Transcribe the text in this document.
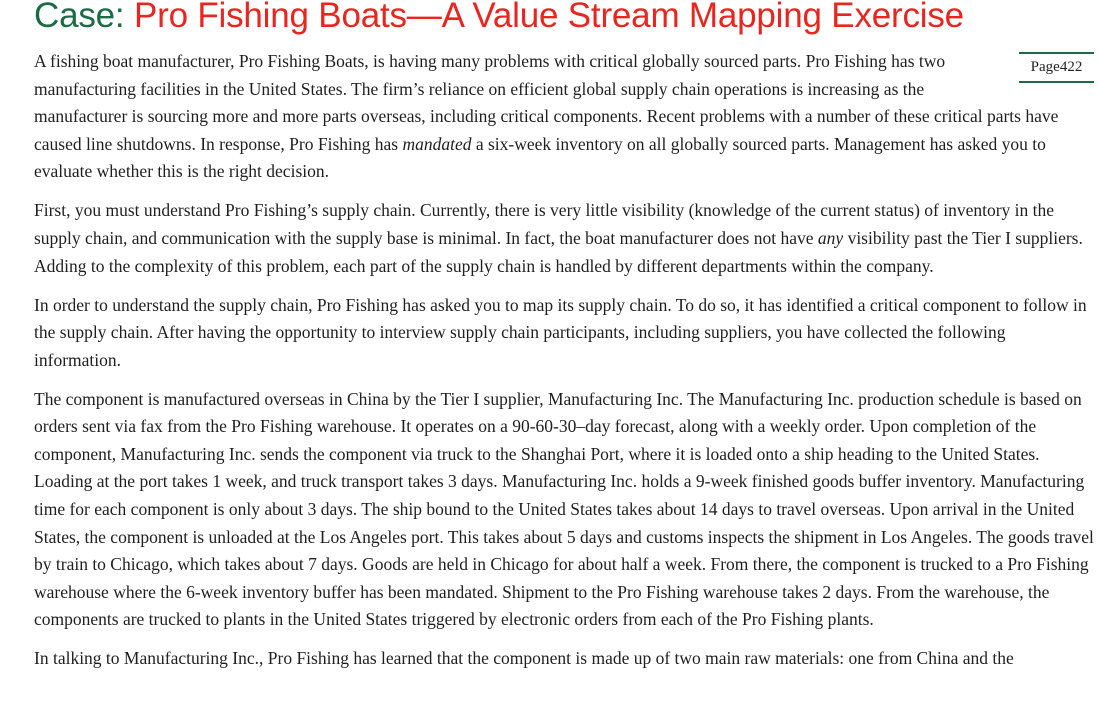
Case: Pro Fishing Boats—A Value Stream Mapping Exercise
Page422

A fishing boat manufacturer, Pro Fishing Boats, is having many problems with critical globally sourced parts. Pro Fishing has two manufacturing facilities in the United States. The firm’s reliance on efficient global supply chain operations is increasing as the manufacturer is sourcing more and more parts overseas, including critical components. Recent problems with a number of these critical parts have caused line shutdowns. In response, Pro Fishing has mandated a six-week inventory on all globally sourced parts. Management has asked you to evaluate whether this is the right decision.

First, you must understand Pro Fishing’s supply chain. Currently, there is very little visibility (knowledge of the current status) of inventory in the supply chain, and communication with the supply base is minimal. In fact, the boat manufacturer does not have any visibility past the Tier I suppliers. Adding to the complexity of this problem, each part of the supply chain is handled by different departments within the company.

In order to understand the supply chain, Pro Fishing has asked you to map its supply chain. To do so, it has identified a critical component to follow in the supply chain. After having the opportunity to interview supply chain participants, including suppliers, you have collected the following information.

The component is manufactured overseas in China by the Tier I supplier, Manufacturing Inc. The Manufacturing Inc. production schedule is based on orders sent via fax from the Pro Fishing warehouse. It operates on a 90-60-30–day forecast, along with a weekly order. Upon completion of the component, Manufacturing Inc. sends the component via truck to the Shanghai Port, where it is loaded onto a ship heading to the United States. Loading at the port takes 1 week, and truck transport takes 3 days. Manufacturing Inc. holds a 9-week finished goods buffer inventory. Manufacturing time for each component is only about 3 days. The ship bound to the United States takes about 14 days to travel overseas. Upon arrival in the United States, the component is unloaded at the Los Angeles port. This takes about 5 days and customs inspects the shipment in Los Angeles. The goods travel by train to Chicago, which takes about 7 days. Goods are held in Chicago for about half a week. From there, the component is trucked to a Pro Fishing warehouse where the 6-week inventory buffer has been mandated. Shipment to the Pro Fishing warehouse takes 2 days. From the warehouse, the components are trucked to plants in the United States triggered by electronic orders from each of the Pro Fishing plants.

In talking to Manufacturing Inc., Pro Fishing has learned that the component is made up of two main raw materials: one from China and the
